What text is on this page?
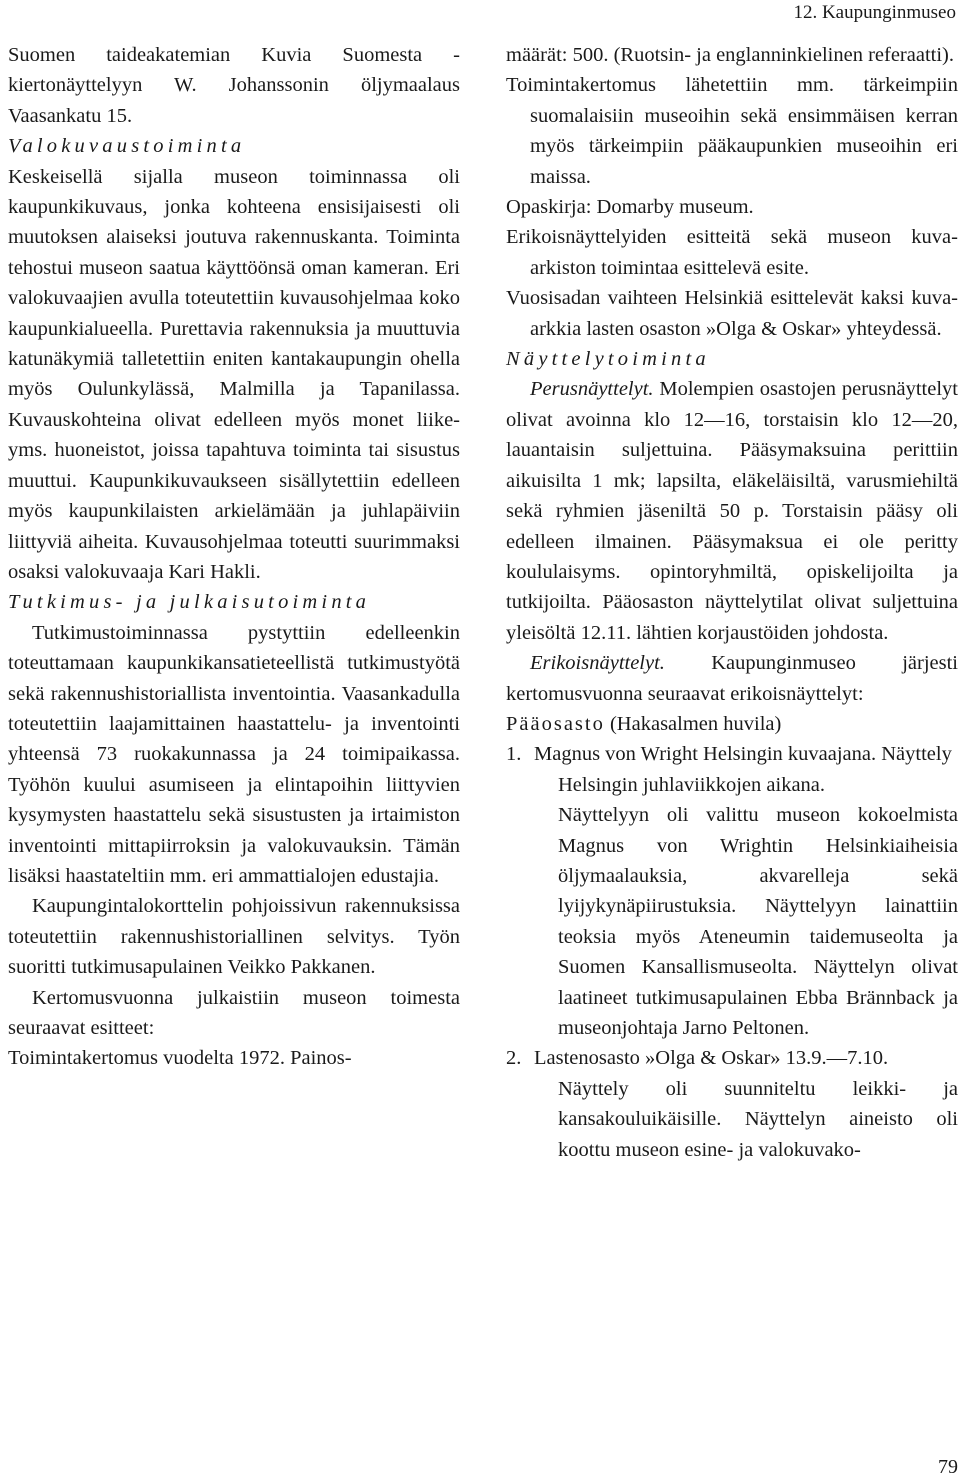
12. Kaupunginmuseo

Suomen taideakatemian Kuvia Suomesta -kiertonäyttelyyn W. Johanssonin öljymaalaus Vaasankatu 15.

Valokuvaustoiminta

Keskeisellä sijalla museon toiminnassa oli kaupunkikuvaus, jonka kohteena ensisijaisesti oli muutoksen alaiseksi joutuva rakennuskanta. Toiminta tehostui museon saatua käyttöönsä oman kameran. Eri valokuvaajien avulla toteutettiin kuvausohjelmaa koko kaupunkialueella. Purettavia rakennuksia ja muuttuvia katunäkymiä talletettiin eniten kantakaupungin ohella myös Oulunkylässä, Malmilla ja Tapanilassa. Kuvauskohteina olivat edelleen myös monet liike- yms. huoneistot, joissa tapahtuva toiminta tai sisustus muuttui. Kaupunkikuvaukseen sisällytettiin edelleen myös kaupunkilaisten arkielämään ja juhlapäiviin liittyviä aiheita. Kuvausohjelmaa toteutti suurimmaksi osaksi valokuvaaja Kari Hakli.

Tutkimus- ja julkaisutoiminta

Tutkimustoiminnassa pystyttiin edelleenkin toteuttamaan kaupunkikansatieteellistä tutkimustyötä sekä rakennushistoriallista inventointia. Vaasankadulla toteutettiin laajamittainen haastattelu- ja inventointi yhteensä 73 ruokakunnassa ja 24 toimipaikassa. Työhön kuului asumiseen ja elintapoihin liittyvien kysymysten haastattelu sekä sisustusten ja irtaimiston inventointi mittapiirroksin ja valokuvauksin. Tämän lisäksi haastateltiin mm. eri ammattialojen edustajia.

Kaupungintalokorttelin pohjoissivun rakennuksissa toteutettiin rakennushistoriallinen selvitys. Työn suoritti tutkimusapulainen Veikko Pakkanen.

Kertomusvuonna julkaistiin museon toimesta seuraavat esitteet:

Toimintakertomus vuodelta 1972. Painos-

määrät: 500. (Ruotsin- ja englanninkielinen referaatti).

Toimintakertomus lähetettiin mm. tärkeimpiin suomalaisiin museoihin sekä ensimmäisen kerran myös tärkeimpiin pääkaupunkien museoihin eri maissa.

Opaskirja: Domarby museum.

Erikoisnäyttelyiden esitteitä sekä museon kuva-arkiston toimintaa esittelevä esite.

Vuosisadan vaihteen Helsinkiä esittelevät kaksi kuva-arkkia lasten osaston »Olga & Oskar» yhteydessä.

Näyttelytoiminta

Perusnäyttelyt. Molempien osastojen perusnäyttelyt olivat avoinna klo 12—16, torstaisin klo 12—20, lauantaisin suljettuina. Pääsymaksuina perittiin aikuisilta 1 mk; lapsilta, eläkeläisiltä, varusmiehiltä sekä ryhmien jäseniltä 50 p. Torstaisin pääsy oli edelleen ilmainen. Pääsymaksua ei ole peritty koululaisyms. opintoryhmiltä, opiskelijoilta ja tutkijoilta. Pääosaston näyttelytilat olivat suljettuina yleisöltä 12.11. lähtien korjaustöiden johdosta.

Erikoisnäyttelyt. Kaupunginmuseo järjesti kertomusvuonna seuraavat erikoisnäyttelyt:

Pääosasto (Hakasalmen huvila)

1. Magnus von Wright Helsingin kuvaajana. Näyttely Helsingin juhlaviikkojen aikana.

Näyttelyyn oli valittu museon kokoelmista Magnus von Wrightin Helsinkiaiheisia öljymaalauksia, akvarelleja sekä lyijykynäpiirustuksia. Näyttelyyn lainattiin teoksia myös Ateneumin taidemuseolta ja Suomen Kansallismuseolta. Näyttelyn olivat laatineet tutkimusapulainen Ebba Brännback ja museonjohtaja Jarno Peltonen.

2. Lastenosasto »Olga & Oskar» 13.9.—7.10.

Näyttely oli suunniteltu leikki- ja kansakouluikäisille. Näyttelyn aineisto oli koottu museon esine- ja valokuvako-

79
